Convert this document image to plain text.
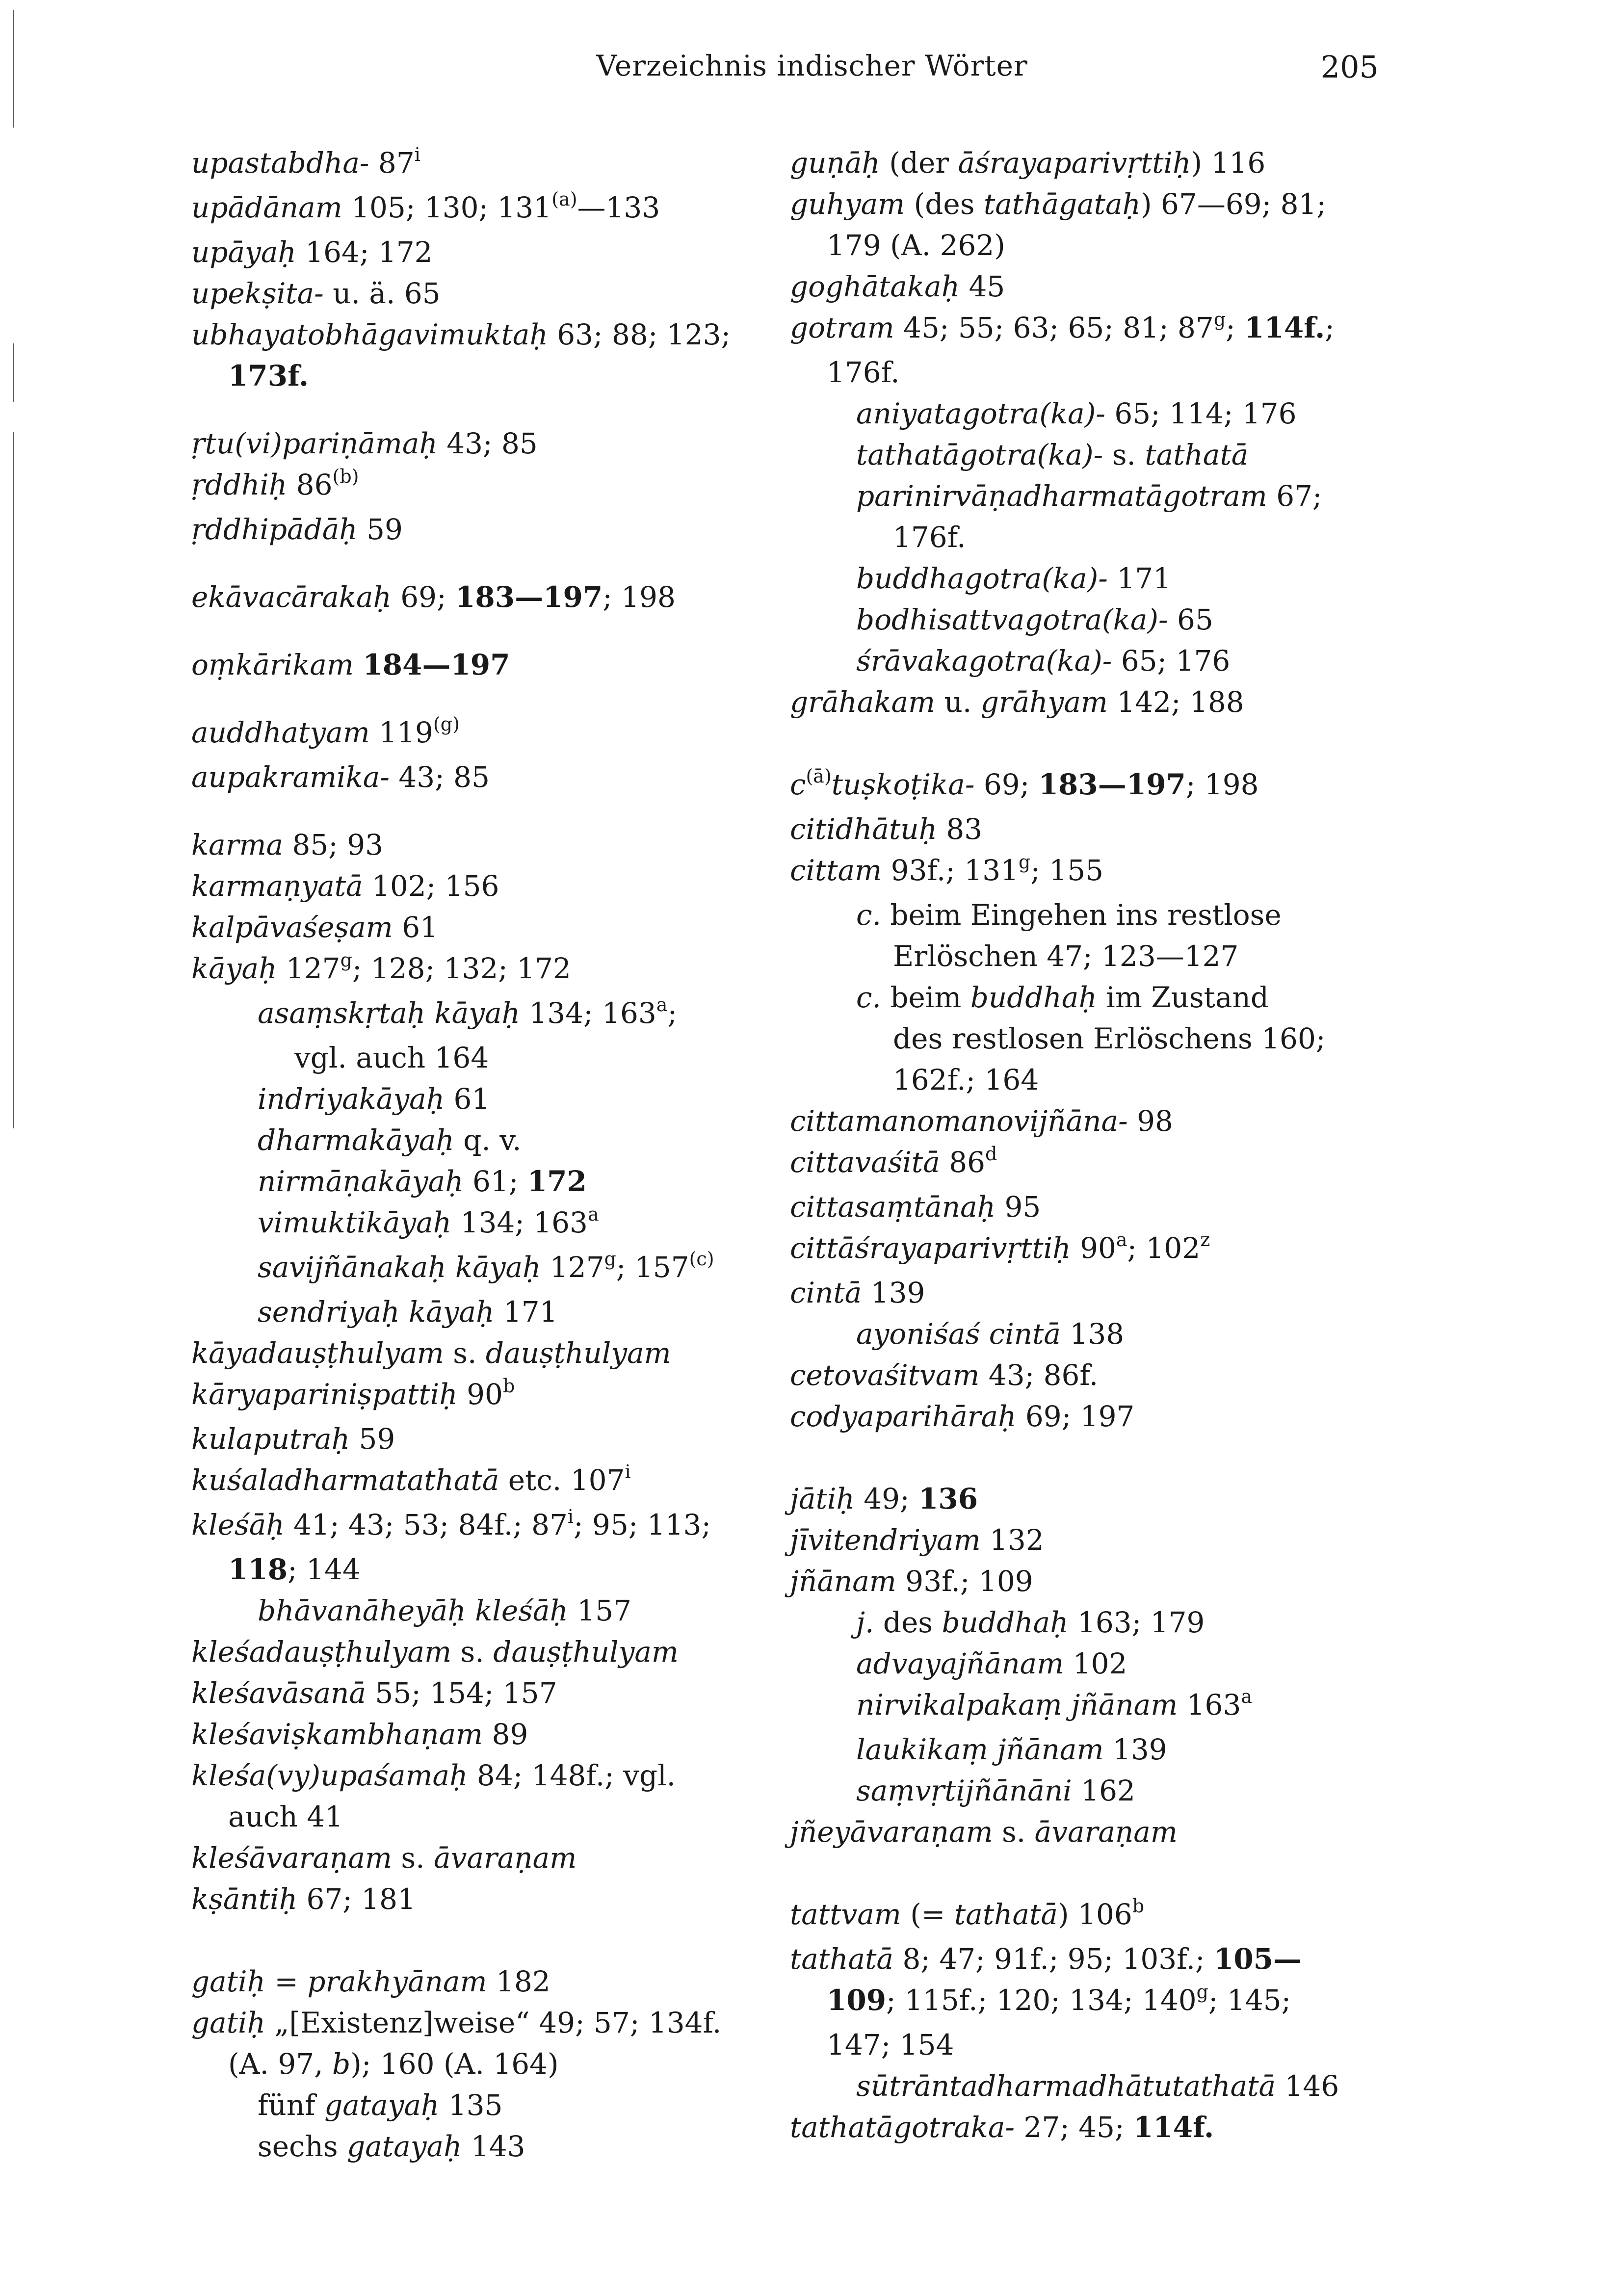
Verzeichnis indischer Wörter	205
upastabdha- 87$^i$
upādānam 105; 130; 131$^{(a)}$—133
upāyaḥ 164; 172
upekṣita- u. ä. 65
ubhayatobhāgavimuktaḥ 63; 88; 123;
173f.
ṛtu(vi)pariṇāmaḥ 43; 85
ṛddhiḥ 86$^{(b)}$
ṛddhipādāḥ 59
ekāvacārakaḥ 69; 183—197; 198
oṃkārikam 184—197
auddhatyam 119$^{(g)}$
aupakramika- 43; 85
karma 85; 93
karmaṇyatā 102; 156
kalpāvaśeṣam 61
kāyaḥ 127$^g$; 128; 132; 172
asaṃskṛtaḥ kāyaḥ 134; 163$^a$;
vgl. auch 164
indriyakāyaḥ 61
dharmakāyaḥ q. v.
nirmāṇakāyaḥ 61; 172
vimuktikāyaḥ 134; 163$^a$
savijñānakaḥ kāyaḥ 127$^g$; 157$^{(c)}$
sendriyaḥ kāyaḥ 171
kāyadauṣṭhulyam s. dauṣṭhulyam
kāryapariniṣpattiḥ 90$^b$
kulaputraḥ 59
kuśaladharmatathatā etc. 107$^i$
kleśāḥ 41; 43; 53; 84f.; 87$^i$; 95; 113;
118; 144
bhāvanāheyāḥ kleśāḥ 157
kleśadauṣṭhulyam s. dauṣṭhulyam
kleśavāsanā 55; 154; 157
kleśaviṣkambhaṇam 89
kleśa(vy)upaśamaḥ 84; 148f.; vgl.
auch 41
kleśāvaraṇam s. āvaraṇam
kṣāntiḥ 67; 181
gatiḥ = prakhyānam 182
gatiḥ „[Existenz]weise“ 49; 57; 134f.
(A. 97, b); 160 (A. 164)
fünf gatayaḥ 135
sechs gatayaḥ 143
guṇāḥ (der āśrayaparivṛttiḥ) 116
guhyam (des tathāgataḥ) 67—69; 81;
179 (A. 262)
goghātakaḥ 45
gotram 45; 55; 63; 65; 81; 87$^g$; 114f.;
176f.
aniyatagotra(ka)- 65; 114; 176
tathatāgotra(ka)- s. tathatā
parinirvāṇadharmatāgotram 67;
176f.
buddhagotra(ka)- 171
bodhisattvagotra(ka)- 65
śrāvakagotra(ka)- 65; 176
grāhakam u. grāhyam 142; 188
$c^{(ā)}tuṣkoṭika-$ 69; 183—197; 198
citidhātuḥ 83
cittam 93f.; 131$^g$; 155
c. beim Eingehen ins restlose
Erlöschen 47; 123—127
c. beim buddhaḥ im Zustand
des restlosen Erlöschens 160;
162f.; 164
cittamanomanovijñāna- 98
cittavaśitā 86$^d$
cittasaṃtānaḥ 95
cittāśrayaparivṛttiḥ 90$^a$; 102$^z$
cintā 139
ayoniśaś cintā 138
cetovaśitvam 43; 86f.
codyaparihāraḥ 69; 197
jātiḥ 49; 136
jīvitendriyam 132
jñānam 93f.; 109
j. des buddhaḥ 163; 179
advayajñānam 102
nirvikalpakaṃ jñānam 163$^a$
laukikaṃ jñānam 139
saṃvṛtijñānāni 162
jñeyāvaraṇam s. āvaraṇam
tattvam (= tathatā) 106$^b$
tathatā 8; 47; 91f.; 95; 103f.; 105—
109; 115f.; 120; 134; 140$^g$; 145;
147; 154
sūtrāntadharmadhātutathatā 146
tathatāgotraka- 27; 45; 114f.
